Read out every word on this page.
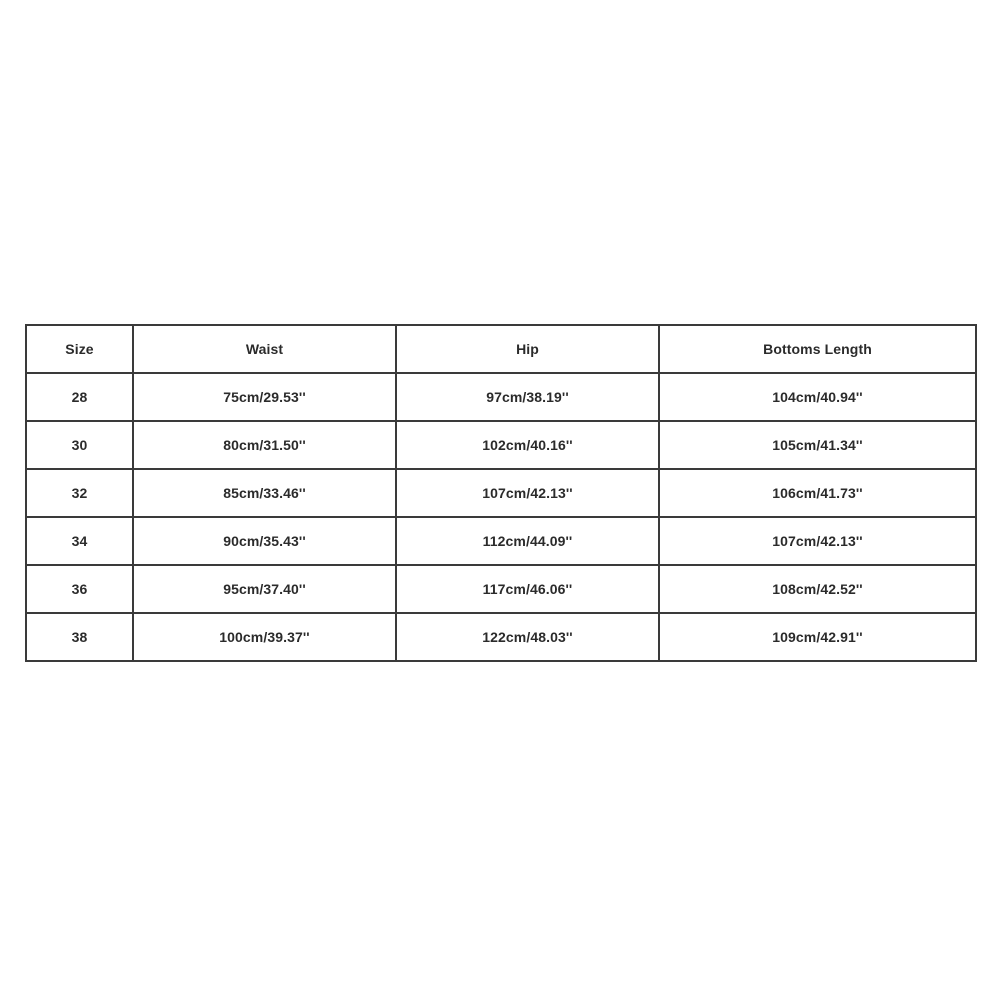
Size	Waist	Hip	Bottoms Length
28	75cm/29.53''	97cm/38.19''	104cm/40.94''
30	80cm/31.50''	102cm/40.16''	105cm/41.34''
32	85cm/33.46''	107cm/42.13''	106cm/41.73''
34	90cm/35.43''	112cm/44.09''	107cm/42.13''
36	95cm/37.40''	117cm/46.06''	108cm/42.52''
38	100cm/39.37''	122cm/48.03''	109cm/42.91''
